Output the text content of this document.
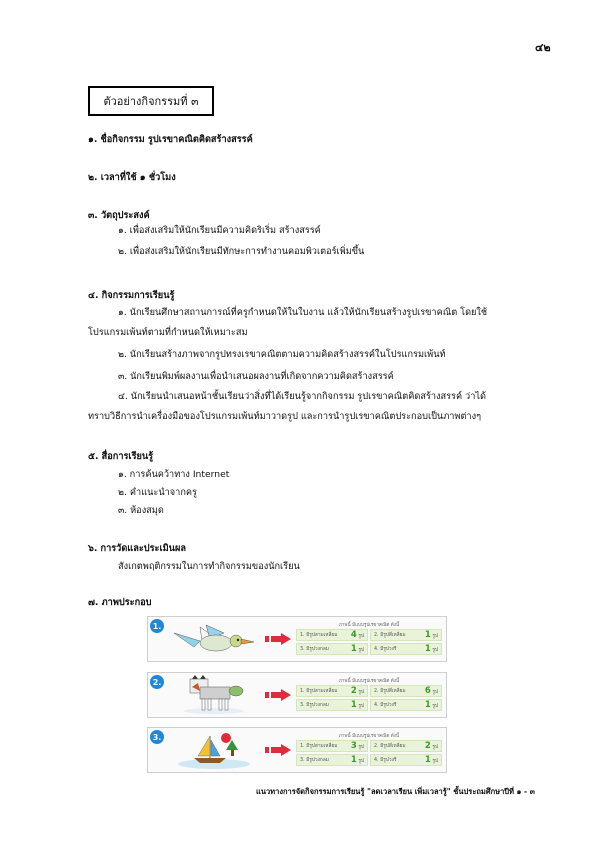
๔๒
ตัวอย่างกิจกรรมที่ ๓
๑. ชื่อกิจกรรม รูปเรขาคณิตคิดสร้างสรรค์
๒. เวลาที่ใช้ ๑ ชั่วโมง
๓. วัตถุประสงค์
๑. เพื่อส่งเสริมให้นักเรียนมีความคิดริเริ่ม สร้างสรรค์
๒. เพื่อส่งเสริมให้นักเรียนมีทักษะการทำงานคอมพิวเตอร์เพิ่มขึ้น
๔. กิจกรรมการเรียนรู้
๑. นักเรียนศึกษาสถานการณ์ที่ครูกำหนดให้ในใบงาน แล้วให้นักเรียนสร้างรูปเรขาคณิต โดยใช้
โปรแกรมเพ้นท์ตามที่กำหนดให้เหมาะสม
๒. นักเรียนสร้างภาพจากรูปทรงเรขาคณิตตามความคิดสร้างสรรค์ในโปรแกรมเพ้นท์
๓. นักเรียนพิมพ์ผลงานเพื่อนำเสนอผลงานที่เกิดจากความคิดสร้างสรรค์
๔. นักเรียนนำเสนอหน้าชั้นเรียนว่าสิ่งที่ได้เรียนรู้จากกิจกรรม รูปเรขาคณิตคิดสร้างสรรค์ ว่าได้
ทราบวิธีการนำเครื่องมือของโปรแกรมเพ้นท์มาวาดรูป และการนำรูปเรขาคณิตประกอบเป็นภาพต่างๆ
๕. สื่อการเรียนรู้
๑. การค้นคว้าทาง Internet
๒. คำแนะนำจากครู
๓. ห้องสมุด
๖. การวัดและประเมินผล
สังเกตพฤติกรรมในการทำกิจกรรมของนักเรียน
๗. ภาพประกอบ
1.	ภาพนี้ มีแบบรูปเรขาคณิต ดังนี้
1. มีรูปสามเหลี่ยม 4 รูป 2. มีรูปสี่เหลี่ยม 1 รูป
3. มีรูปวงกลม	1 รูป 4. มีรูปวงรี	1 รูป
2.	ภาพนี้ มีแบบรูปเรขาคณิต ดังนี้
1. มีรูปสามเหลี่ยม 2 รูป 2. มีรูปสี่เหลี่ยม 6 รูป
3. มีรูปวงกลม	1 รูป 4. มีรูปวงรี	1 รูป
3.	ภาพนี้ มีแบบรูปเรขาคณิต ดังนี้
1. มีรูปสามเหลี่ยม 3 รูป 2. มีรูปสี่เหลี่ยม 2 รูป
3. มีรูปวงกลม	1 รูป 4. มีรูปวงรี	1 รูป
แนวทางการจัดกิจกรรมการเรียนรู้ "ลดเวลาเรียน เพิ่มเวลารู้" ชั้นประถมศึกษาปีที่ ๑ - ๓
